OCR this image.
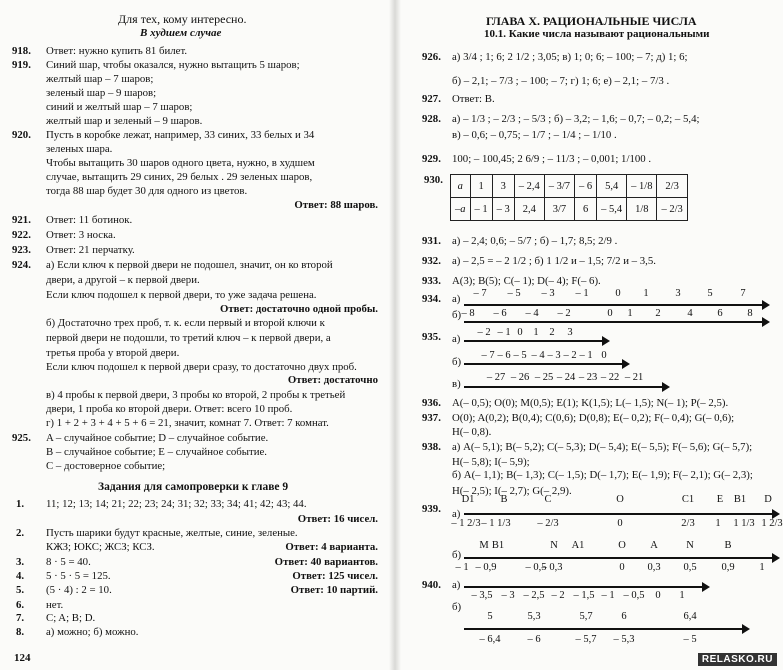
Для тех, кому интересно.
В худшем случае
918. Ответ: нужно купить 81 билет.
919. Синий шар, чтобы оказался, нужно вытащить 5 шаров;
желтый шар – 7 шаров;
зеленый шар – 9 шаров;
синий и желтый шар – 7 шаров;
желтый шар и зеленый – 9 шаров.
920. Пусть в коробке лежат, например, 33 синих, 33 белых и 34
зеленых шара.
Чтобы вытащить 30 шаров одного цвета, нужно, в худшем
случае, вытащить 29 синих, 29 белых . 29 зеленых шаров,
тогда 88 шар будет 30 для одного из цветов.
Ответ: 88 шаров.
921. Ответ: 11 ботинок.
922. Ответ: 3 носка.
923. Ответ: 21 перчатку.
924. а) Если ключ к первой двери не подошел, значит, он ко второй
двери, а другой – к первой двери.
Если ключ подошел к первой двери, то уже задача решена.
Ответ: достаточно одной пробы.
б) Достаточно трех проб, т. к. если первый и второй ключи к
первой двери не подошли, то третий ключ – к первой двери, а
третья проба у второй двери.
Если ключ подошел к первой двери сразу, то достаточно двух проб.
Ответ: достаточно
в) 4 пробы к первой двери, 3 пробы ко второй, 2 пробы к третьей
двери, 1 проба ко второй двери. Ответ: всего 10 проб.
г) 1 + 2 + 3 + 4 + 5 + 6 = 21, значит, комнат 7. Ответ: 7 комнат.
925. A – случайное событие; D – случайное событие.
B – случайное событие; E – случайное событие.
C – достоверное событие;
Задания для самопроверки к главе 9
1. 11; 12; 13; 14; 21; 22; 23; 24; 31; 32; 33; 34; 41; 42; 43; 44.
Ответ: 16 чисел.
2. Пусть шарики будут красные, желтые, синие, зеленые.
КЖЗ; ЮКС; ЖСЗ; КСЗ.	Ответ: 4 варианта.
3. 8 · 5 = 40.	Ответ: 40 вариантов.
4. 5 · 5 · 5 = 125.	Ответ: 125 чисел.
5. (5 · 4) : 2 = 10.	Ответ: 10 партий.
6. нет.
7. C; A; B; D.
8. а) можно; б) можно.
124
ГЛАВА X. РАЦИОНАЛЬНЫЕ ЧИСЛА
10.1. Какие числа называют рациональными
926. а) 3/4 ; 1; 6; 2 1/2 ; 3,05; в) 1; 0; 6; – 100; – 7; д) 1; 6;
б) – 2,1; – 7/3 ; – 100; – 7; г) 1; 6; е) – 2,1; – 7/3 .
927. Ответ: В.
928. а) – 1/3 ; – 2/3 ; – 5/3 ; б) – 3,2; – 1,6; – 0,7; – 0,2; – 5,4;
в) – 0,6; – 0,75; – 1/7 ; – 1/4 ; – 1/10 .
929. 100; – 100,45; 2 6/9 ; – 11/3 ; – 0,001; 1/100 .
931. а) – 2,4; 0,6; – 5/7 ; б) – 1,7; 8,5; 2/9 .
932. а) – 2,5 = – 2 1/2 ; б) 1 1/2 и – 1,5; 7/2 и – 3,5.
933. A(3); B(5); C(– 1); D(– 4); F(– 6).
936. A(– 0,5); O(0); M(0,5); E(1); K(1,5); L(– 1,5); N(– 1); P(– 2,5).
937. O(0); A(0,2); B(0,4); C(0,6); D(0,8); E(– 0,2); F(– 0,4); G(– 0,6);
H(– 0,8).
938. а) A(– 5,1); B(– 5,2); C(– 5,3); D(– 5,4); E(– 5,5); F(– 5,6); G(– 5,7);
H(– 5,8); I(– 5,9);
б) A(– 1,1); B(– 1,3); C(– 1,5); D(– 1,7); E(– 1,9); F(– 2,1); G(– 2,3);
H(– 2,5); I(– 2,7); G(– 2,9).
930. a	1	3	– 2,4	– 3/7	– 6	5,4	– 1/8	2/3
–a	– 1	– 3	2,4	3/7	6	– 5,4	1/8	– 2/3
934. а) – 7 – 5 – 3 – 1	0 1	3	5	7
б) – 8 – 6 – 4 – 2	0 1 2	4 6 8
935. а)
– 2 – 1 0 1 2 3
б)
– 7 – 6 – 5 – 4 – 3 – 2 – 1 0
в)
– 27 – 26 – 25 – 24 – 23 – 22 – 21
939. а)
D1 B	C	O	C1 E B1 D
– 1 2/3 – 1 1/3	– 2/3	0	2/3 1 1 1/3 1 2/3
б)
M B1	N A1	O A	N	B
– 1 – 0,9	– 0,5
– 0,3	0 0,3 0,5 0,9 1
940. а)
– 3,5 – 3 – 2,5 – 2 – 1,5 – 1 – 0,5 0 1
б)
5	5,3	5,7	6	6,4
– 6,4	– 6	– 5,7 – 5,3	– 5
RELASKO.RU
